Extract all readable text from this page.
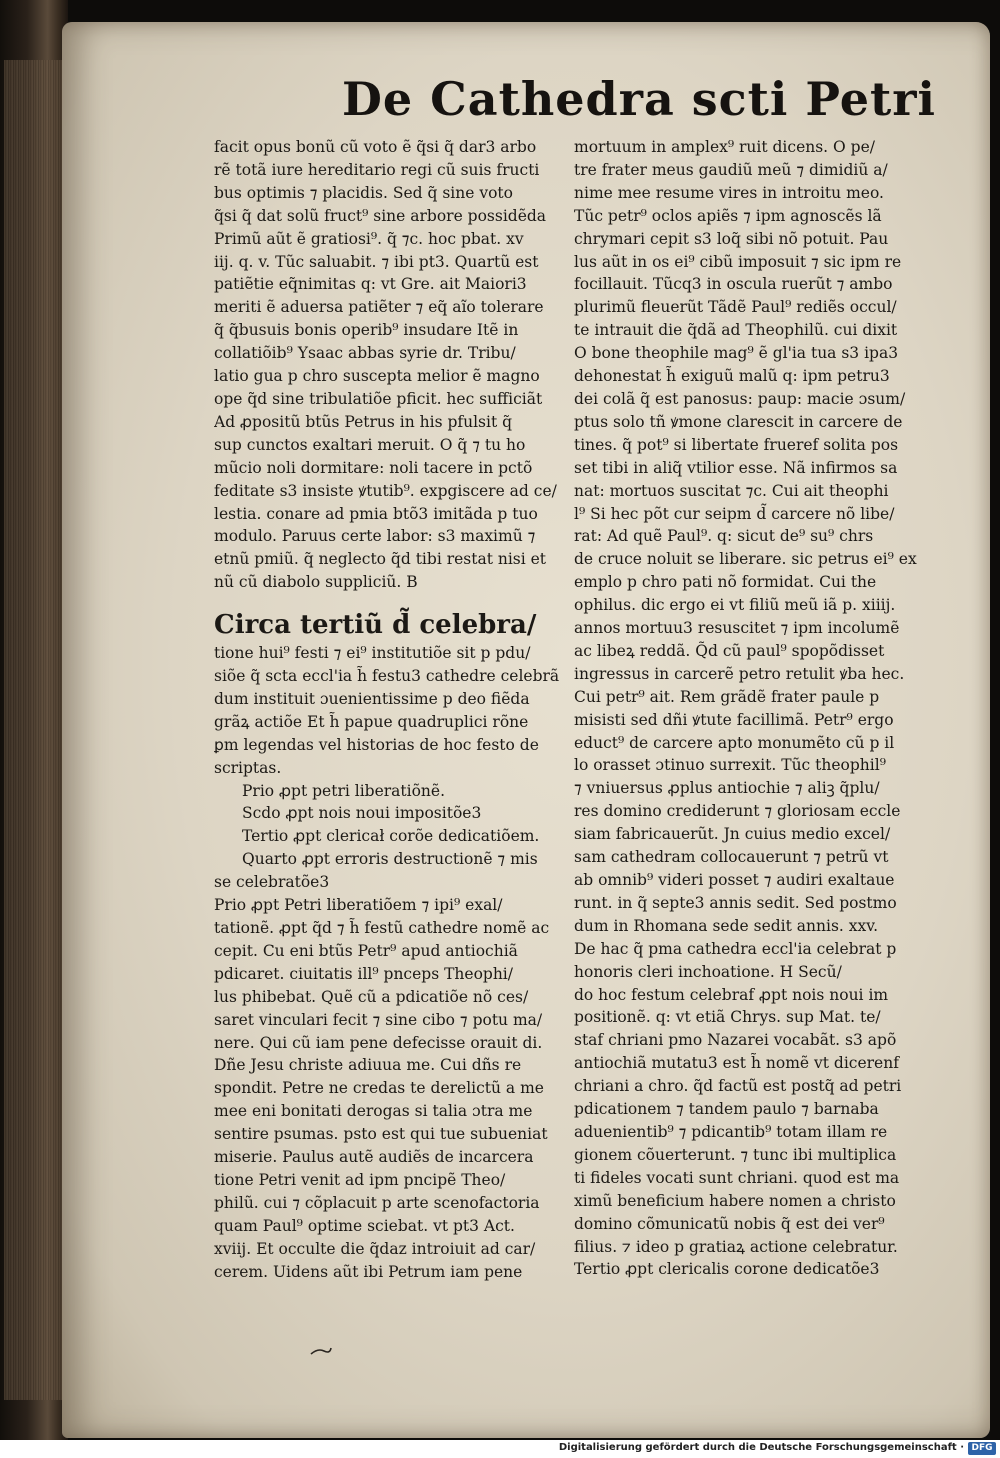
De Cathedra scti Petri
facit opus bonũ cũ voto ẽ q̃si q̃ dar3 arbo
rẽ totã iure hereditario regi cũ suis fructi
bus optimis ⁊ placidis. Sed q̃ sine voto
q̃si q̃ dat solũ fruct⁹ sine arbore possidẽda
Primũ aũt ẽ gratiosi⁹. q̃ ⁊c. hoc pbat. xv
iij. q. v. Tũc saluabit. ⁊ ibi pt3. Quartũ est
patiẽtie eq̃nimitas q: vt Gre. ait Maiori3
meriti ẽ aduersa patiẽter ⁊ eq̃ aĩo tolerare
q̃ q̃busuis bonis operib⁹ insudare Itẽ in
collatiõib⁹ Ysaac abbas syrie dr. Tribu/
latio gua p chro suscepta melior ẽ magno
ope q̃d sine tribulatiõe pficit. hec sufficiãt
Ad ꝓpositũ btũs Petrus in his pfulsit q̃
sup cunctos exaltari meruit. O q̃ ⁊ tu ho
mũcio noli dormitare: noli tacere in pctõ
feditate s3 insiste ꝟtutib⁹. expgiscere ad ce/
lestia. conare ad pmia btõ3 imitãda p tuo
modulo. Paruus certe labor: s3 maximũ ⁊
etnũ pmiũ. q̃ neglecto q̃d tibi restat nisi et
nũ cũ diabolo suppliciũ. B
Circa tertiũ d̃ celebra/
tione hui⁹ festi ⁊ ei⁹ institutiõe sit p pdu/
siõe q̃ scta eccl'ia h̃ festu3 cathedre celebrã
dum instituit ɔuenientissime p deo fiẽda
grãꝝ actiõe Et h̃ papue quadruplici rõne
ꝑm legendas vel historias de hoc festo de
scriptas.
Prio ꝓpt petri liberatiõnẽ.
Scdo ꝓpt nois noui impositõe3
Tertio ꝓpt clericał corõe dedicatiõem.
Quarto ꝓpt erroris destructionẽ ⁊ mis
se celebratõe3
Prio ꝓpt Petri liberatiõem ⁊ ipi⁹ exal/
tationẽ. ꝓpt q̃d ⁊ h̃ festũ cathedre nomẽ ac
cepit. Cu eni btũs Petr⁹ apud antiochiã
pdicaret. ciuitatis ill⁹ pnceps Theophi/
lus phibebat. Quẽ cũ a pdicatiõe nõ ces/
saret vinculari fecit ⁊ sine cibo ⁊ potu ma/
nere. Qui cũ iam pene defecisse orauit di.
Dñe Jesu christe adiuua me. Cui dñs re
spondit. Petre ne credas te derelictũ a me
mee eni bonitati derogas si talia ɔtra me
sentire psumas. psto est qui tue subueniat
miserie. Paulus autẽ audiẽs de incarcera
tione Petri venit ad ipm pncipẽ Theo/
philũ. cui ⁊ cõplacuit p arte scenofactoria
quam Paul⁹ optime sciebat. vt pt3 Act.
xviij. Et occulte die q̃daz introiuit ad car/
cerem. Uidens aũt ibi Petrum iam pene
mortuum in amplex⁹ ruit dicens. O pe/
tre frater meus gaudiũ meũ ⁊ dimidiũ a/
nime mee resume vires in introitu meo.
Tũc petr⁹ oclos apiẽs ⁊ ipm agnoscẽs lã
chrymari cepit s3 loq̃ sibi nõ potuit. Pau
lus aũt in os ei⁹ cibũ imposuit ⁊ sic ipm re
focillauit. Tũcq3 in oscula ruerũt ⁊ ambo
plurimũ fleuerũt Tãdẽ Paul⁹ rediẽs occul/
te intrauit die q̃dã ad Theophilũ. cui dixit
O bone theophile mag⁹ ẽ gl'ia tua s3 ipa3
dehonestat h̃ exiguũ malũ q: ipm petru3
dei colã q̃ est panosus: paup: macie ɔsum/
ptus solo tñ ꝟmone clarescit in carcere de
tines. q̃ pot⁹ si libertate frueref solita pos
set tibi in aliq̃ vtilior esse. Nã infirmos sa
nat: mortuos suscitat ⁊c. Cui ait theophi
l⁹ Si hec põt cur seipm d̃ carcere nõ libe/
rat: Ad quẽ Paul⁹. q: sicut de⁹ su⁹ chrs
de cruce noluit se liberare. sic petrus ei⁹ ex
emplo p chro pati nõ formidat. Cui the
ophilus. dic ergo ei vt filiũ meũ iã p. xiiij.
annos mortuu3 resuscitet ⁊ ipm incolumẽ
ac libeꝝ reddã. Q̃d cũ paul⁹ spopõdisset
ingressus in carcerẽ petro retulit ꝟba hec.
Cui petr⁹ ait. Rem grãdẽ frater paule p
misisti sed dñi ꝟtute facillimã. Petr⁹ ergo
educt⁹ de carcere apto monumẽto cũ p il
lo orasset ɔtinuo surrexit. Tũc theophil⁹
⁊ vniuersus ꝓplus antiochie ⁊ aliꝫ q̃plu/
res domino crediderunt ⁊ gloriosam eccle
siam fabricauerũt. Jn cuius medio excel/
sam cathedram collocauerunt ⁊ petrũ vt
ab omnib⁹ videri posset ⁊ audiri exaltaue
runt. in q̃ septe3 annis sedit. Sed postmo
dum in Rhomana sede sedit annis. xxv.
De hac q̃ pma cathedra eccl'ia celebrat p
honoris cleri inchoatione. H Secũ/
do hoc festum celebraf ꝓpt nois noui im
positionẽ. q: vt etiã Chrys. sup Mat. te/
staf chriani pmo Nazarei vocabãt. s3 apõ
antiochiã mutatu3 est h̃ nomẽ vt dicerenf
chriani a chro. q̃d factũ est postq̃ ad petri
pdicationem ⁊ tandem paulo ⁊ barnaba
aduenientib⁹ ⁊ pdicantib⁹ totam illam re
gionem cõuerterunt. ⁊ tunc ibi multiplica
ti fideles vocati sunt chriani. quod est ma
ximũ beneficium habere nomen a christo
domino cõmunicatũ nobis q̃ est dei ver⁹
filius. ⁊ ideo p gratiaꝝ actione celebratur.
Tertio ꝓpt clericalis corone dedicatõe3
Digitalisierung gefördert durch die Deutsche Forschungsgemeinschaft · DFG
